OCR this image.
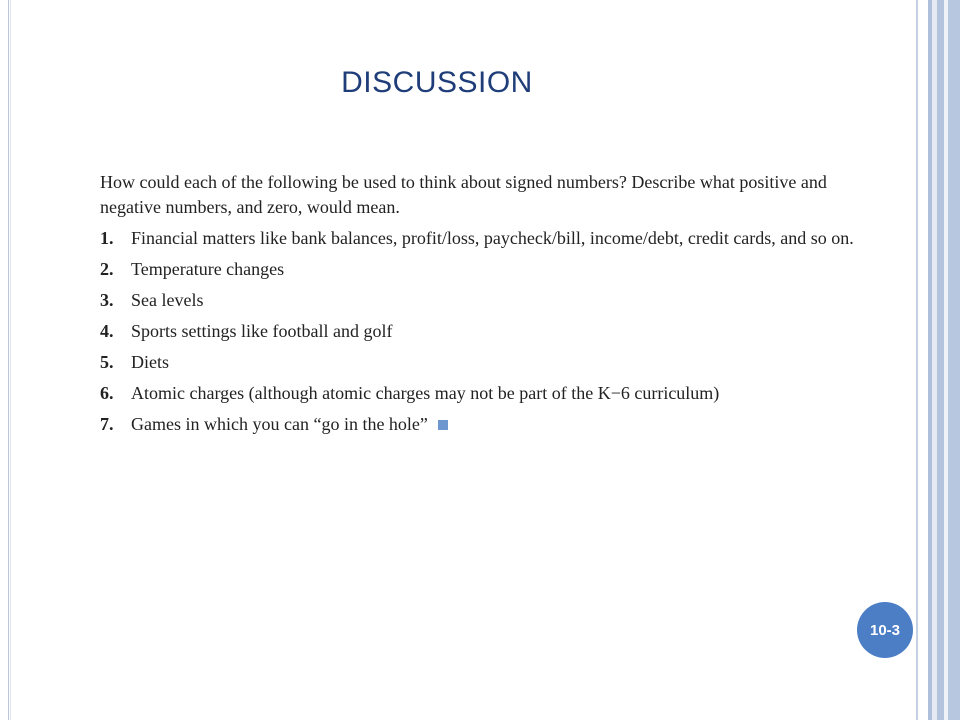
DISCUSSION

How could each of the following be used to think about signed numbers? Describe what positive and negative numbers, and zero, would mean.

1. Financial matters like bank balances, profit/loss, paycheck/bill, income/debt, credit cards, and so on.
2. Temperature changes
3. Sea levels
4. Sports settings like football and golf
5. Diets
6. Atomic charges (although atomic charges may not be part of the K−6 curriculum)
7. Games in which you can “go in the hole”
10-3
